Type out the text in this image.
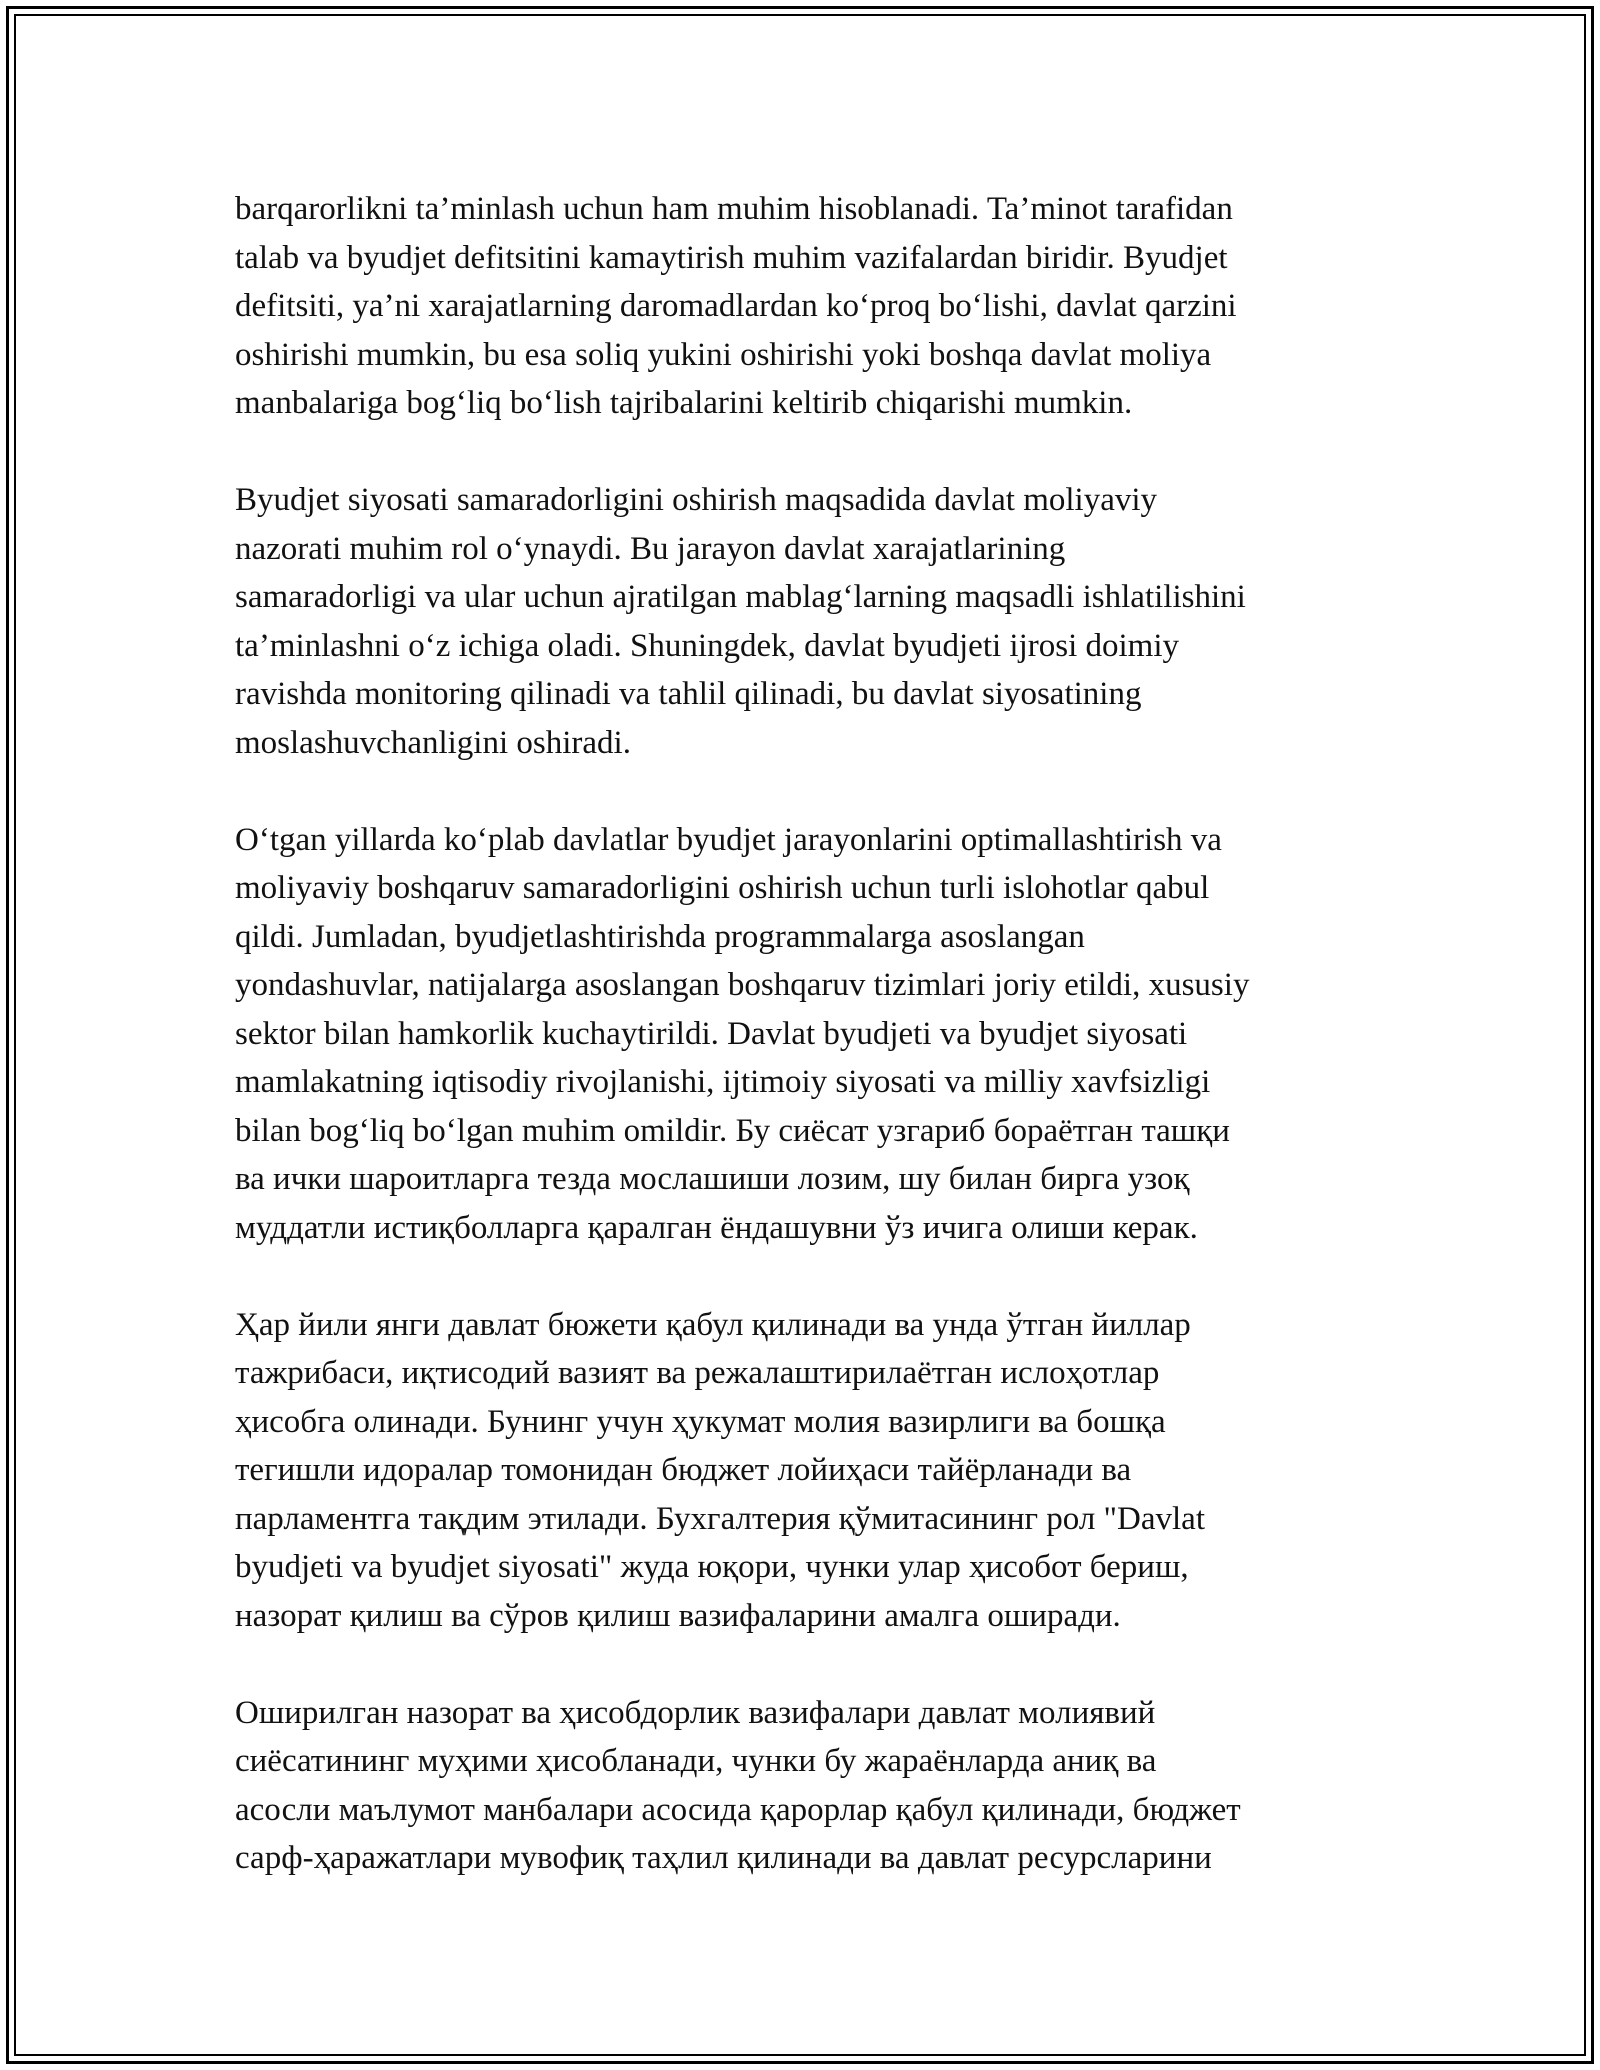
barqarorlikni ta’minlash uchun ham muhim hisoblanadi. Ta’minot tarafidan
talab va byudjet defitsitini kamaytirish muhim vazifalardan biridir. Byudjet
defitsiti, ya’ni xarajatlarning daromadlardan koʻproq boʻlishi, davlat qarzini
oshirishi mumkin, bu esa soliq yukini oshirishi yoki boshqa davlat moliya
manbalariga bogʻliq boʻlish tajribalarini keltirib chiqarishi mumkin.

Byudjet siyosati samaradorligini oshirish maqsadida davlat moliyaviy
nazorati muhim rol oʻynaydi. Bu jarayon davlat xarajatlarining
samaradorligi va ular uchun ajratilgan mablagʻlarning maqsadli ishlatilishini
ta’minlashni oʻz ichiga oladi. Shuningdek, davlat byudjeti ijrosi doimiy
ravishda monitoring qilinadi va tahlil qilinadi, bu davlat siyosatining
moslashuvchanligini oshiradi.

Oʻtgan yillarda koʻplab davlatlar byudjet jarayonlarini optimallashtirish va
moliyaviy boshqaruv samaradorligini oshirish uchun turli islohotlar qabul
qildi. Jumladan, byudjetlashtirishda programmalarga asoslangan
yondashuvlar, natijalarga asoslangan boshqaruv tizimlari joriy etildi, xususiy
sektor bilan hamkorlik kuchaytirildi. Davlat byudjeti va byudjet siyosati
mamlakatning iqtisodiy rivojlanishi, ijtimoiy siyosati va milliy xavfsizligi
bilan bogʻliq boʻlgan muhim omildir. Бу сиёсат узгариб бораётган ташқи
ва ички шароитларга тезда мослашиши лозим, шу билан бирга узоқ
муддатли истиқболларга қаралган ёндашувни ўз ичига олиши керак.

Ҳар йили янги давлат бюжети қабул қилинади ва унда ўтган йиллар
тажрибаси, иқтисодий вазият ва режалаштирилаётган ислоҳотлар
ҳисобга олинади. Бунинг учун ҳукумат молия вазирлиги ва бошқа
тегишли идоралар томонидан бюджет лойиҳаси тайёрланади ва
парламентга тақдим этилади. Бухгалтерия қўмитасининг рол "Davlat
byudjeti va byudjet siyosati" жуда юқори, чунки улар ҳисобот бериш,
назорат қилиш ва сўров қилиш вазифаларини амалга оширади.

Оширилган назорат ва ҳисобдорлик вазифалари давлат молиявий
сиёсатининг муҳими ҳисобланади, чунки бу жараёнларда аниқ ва
асосли маълумот манбалари асосида қарорлар қабул қилинади, бюджет
сарф-ҳаражатлари мувофиқ таҳлил қилинади ва давлат ресурсларини
